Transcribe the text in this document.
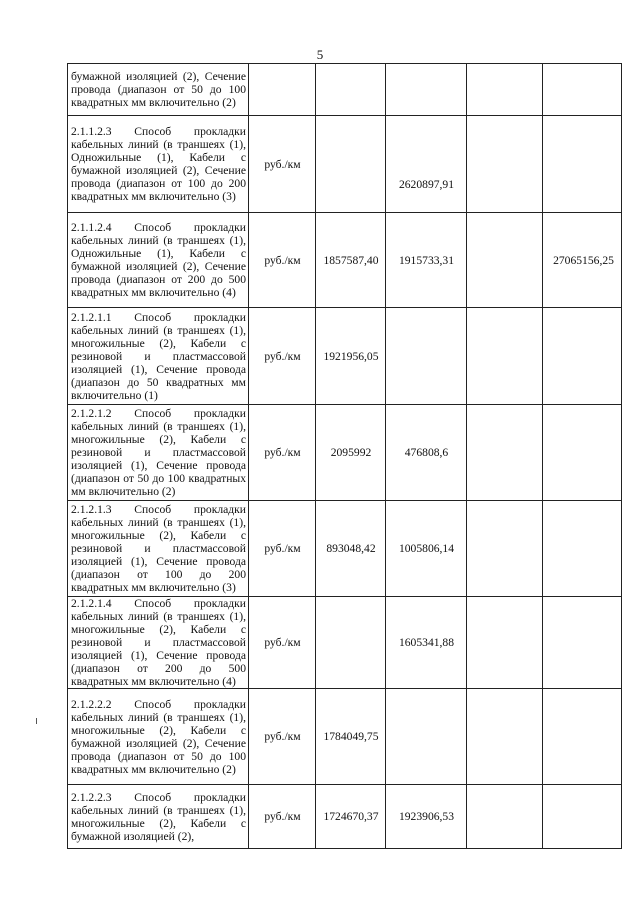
5
бумажной изоляцией (2), Сечение провода (диапазон от 50 до 100 квадратных мм включительно (2)					
2.1.1.2.3 Способ прокладки кабельных линий (в траншеях (1), Одножильные (1), Кабели с бумажной изоляцией (2), Сечение провода (диапазон от 100 до 200 квадратных мм включительно (3)	руб./км		2620897,91		
2.1.1.2.4 Способ прокладки кабельных линий (в траншеях (1), Одножильные (1), Кабели с бумажной изоляцией (2), Сечение провода (диапазон от 200 до 500 квадратных мм включительно (4)	руб./км	1857587,40	1915733,31		27065156,25
2.1.2.1.1 Способ прокладки кабельных линий (в траншеях (1), многожильные (2), Кабели с резиновой и пластмассовой изоляцией (1), Сечение провода (диапазон до 50 квадратных мм включительно (1)	руб./км	1921956,05			
2.1.2.1.2 Способ прокладки кабельных линий (в траншеях (1), многожильные (2), Кабели с резиновой и пластмассовой изоляцией (1), Сечение провода (диапазон от 50 до 100 квадратных мм включительно (2)	руб./км	2095992	476808,6		
2.1.2.1.3 Способ прокладки кабельных линий (в траншеях (1), многожильные (2), Кабели с резиновой и пластмассовой изоляцией (1), Сечение провода (диапазон от 100 до 200 квадратных мм включительно (3)	руб./км	893048,42	1005806,14		
2.1.2.1.4 Способ прокладки кабельных линий (в траншеях (1), многожильные (2), Кабели с резиновой и пластмассовой изоляцией (1), Сечение провода (диапазон от 200 до 500 квадратных мм включительно (4)	руб./км		1605341,88		
2.1.2.2.2 Способ прокладки кабельных линий (в траншеях (1), многожильные (2), Кабели с бумажной изоляцией (2), Сечение провода (диапазон от 50 до 100 квадратных мм включительно (2)	руб./км	1784049,75			
2.1.2.2.3 Способ прокладки кабельных линий (в траншеях (1), многожильные (2), Кабели с бумажной изоляцией (2),	руб./км	1724670,37	1923906,53		
